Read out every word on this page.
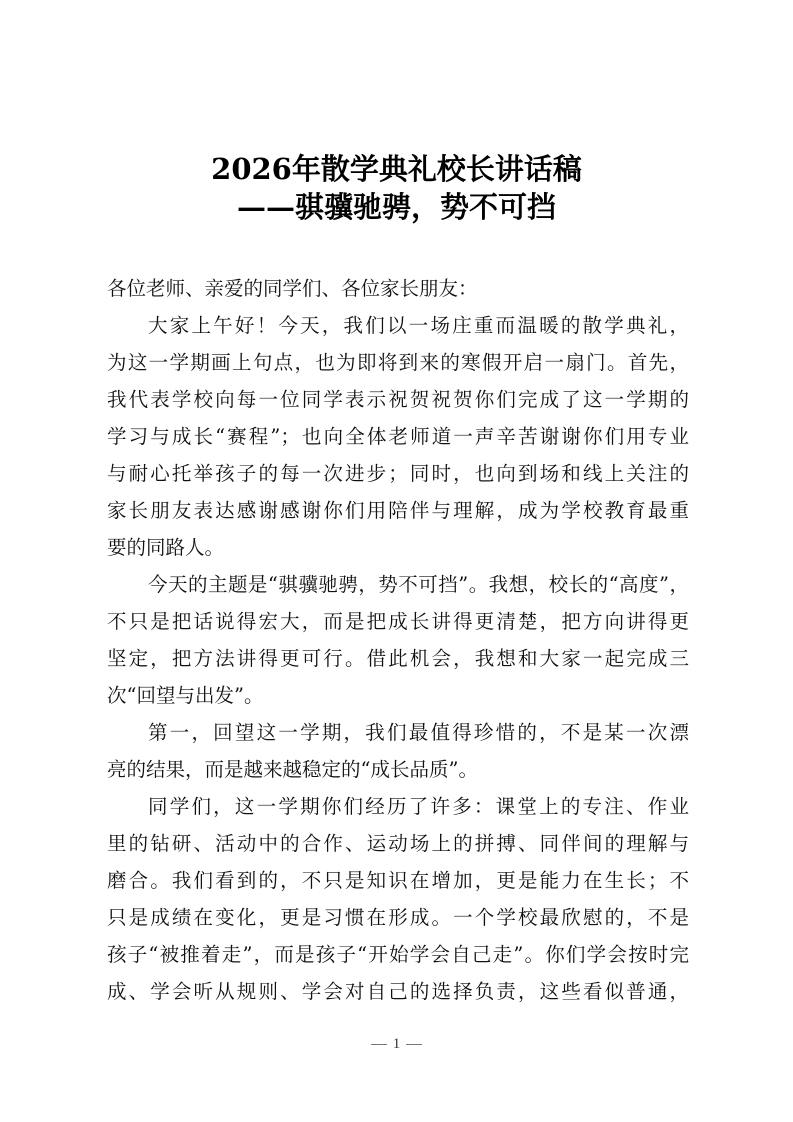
2026年散学典礼校长讲话稿
——骐骥驰骋，势不可挡
各位老师、亲爱的同学们、各位家长朋友：
大家上午好！今天，我们以一场庄重而温暖的散学典礼，
为这一学期画上句点，也为即将到来的寒假开启一扇门。首先，
我代表学校向每一位同学表示祝贺祝贺你们完成了这一学期的
学习与成长“赛程”；也向全体老师道一声辛苦谢谢你们用专业
与耐心托举孩子的每一次进步；同时，也向到场和线上关注的
家长朋友表达感谢感谢你们用陪伴与理解，成为学校教育最重
要的同路人。
今天的主题是“骐骥驰骋，势不可挡”。我想，校长的“高度”，
不只是把话说得宏大，而是把成长讲得更清楚，把方向讲得更
坚定，把方法讲得更可行。借此机会，我想和大家一起完成三
次“回望与出发”。
第一，回望这一学期，我们最值得珍惜的，不是某一次漂
亮的结果，而是越来越稳定的“成长品质”。
同学们，这一学期你们经历了许多：课堂上的专注、作业
里的钻研、活动中的合作、运动场上的拼搏、同伴间的理解与
磨合。我们看到的，不只是知识在增加，更是能力在生长；不
只是成绩在变化，更是习惯在形成。一个学校最欣慰的，不是
孩子“被推着走”，而是孩子“开始学会自己走”。你们学会按时完
成、学会听从规则、学会对自己的选择负责，这些看似普通，
1
